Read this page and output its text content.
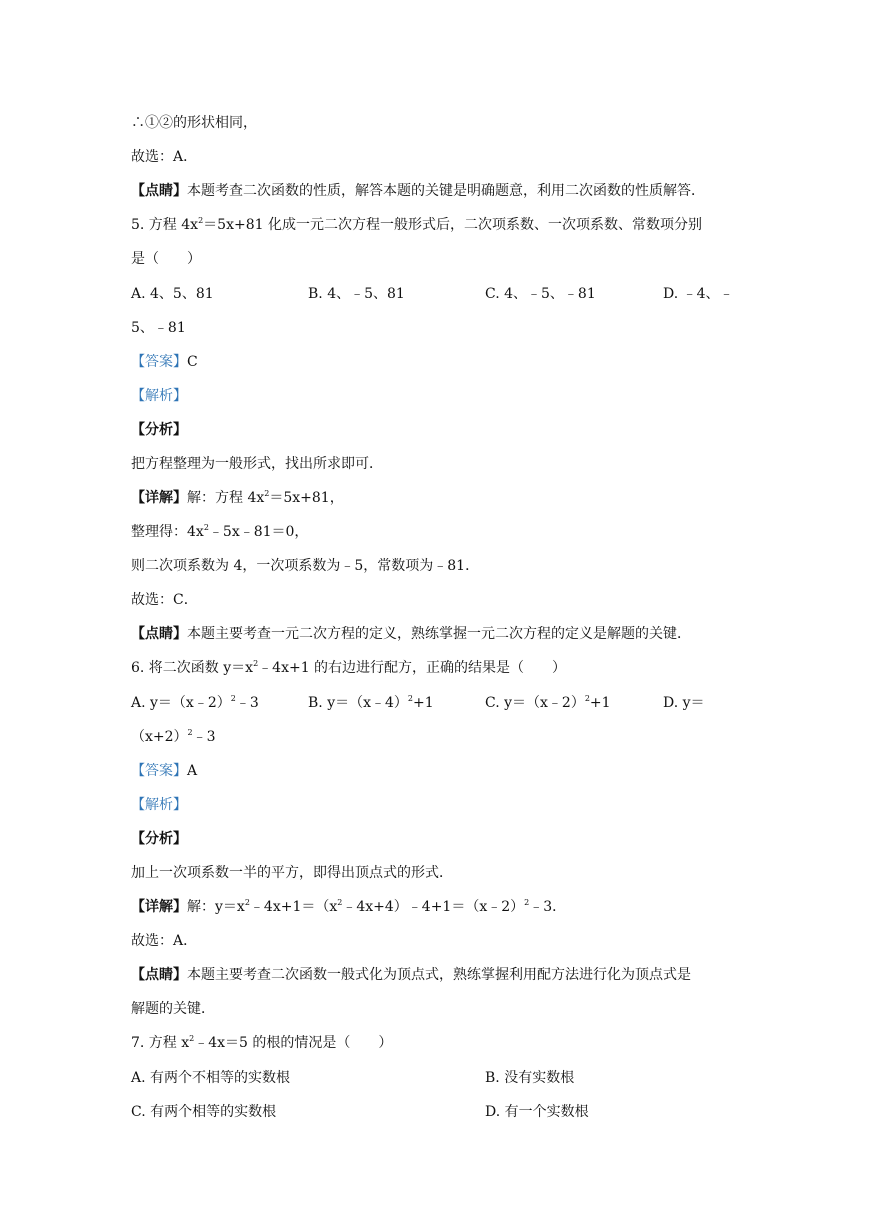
∴①②的形状相同，
故选：A．
【点睛】本题考查二次函数的性质，解答本题的关键是明确题意，利用二次函数的性质解答．
5. 方程 $4x^2=5x+81$ 化成一元二次方程一般形式后，二次项系数、一次项系数、常数项分别
是（　　）
A. 4、5、81	B. 4、﹣5、81	C. 4、﹣5、﹣81	D. ﹣4、﹣
5、﹣81
【答案】C
【解析】
【分析】
把方程整理为一般形式，找出所求即可．
【详解】解：方程 $4x^2=5x+81$，
整理得：$4x^2﹣5x﹣81=0$，
则二次项系数为 4，一次项系数为﹣5，常数项为﹣81．
故选：C．
【点睛】本题主要考查一元二次方程的定义，熟练掌握一元二次方程的定义是解题的关键．
6. 将二次函数 $y=x^2﹣4x+1$ 的右边进行配方，正确的结果是（　　）
A. y＝（x﹣2）$^2$﹣3	B. y＝（x﹣4）$^2$+1	C. y＝（x﹣2）$^2$+1	D. y＝
$(x+2)^2﹣3$
【答案】A
【解析】
【分析】
加上一次项系数一半的平方，即得出顶点式的形式．
【详解】解：$y=x^2﹣4x+1=(x^2﹣4x+4)﹣4+1=(x﹣2)^2﹣3$．
故选：A．
【点睛】本题主要考查二次函数一般式化为顶点式，熟练掌握利用配方法进行化为顶点式是
解题的关键．
7. 方程 $x^2﹣4x=5$ 的根的情况是（　　）
A. 有两个不相等的实数根	B. 没有实数根
C. 有两个相等的实数根	D. 有一个实数根
